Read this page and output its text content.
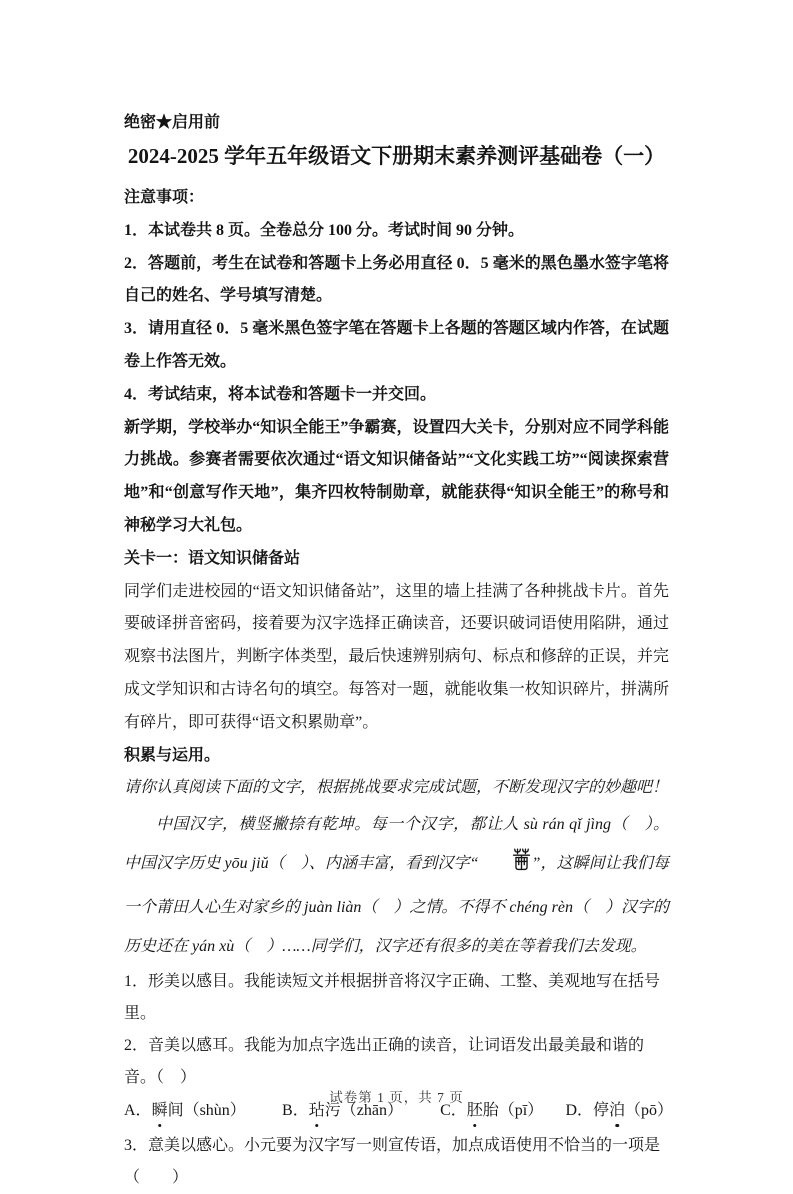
绝密★启用前
2024-2025 学年五年级语文下册期末素养测评基础卷（一）
注意事项：

1．本试卷共 8 页。全卷总分 100 分。考试时间 90 分钟。

2．答题前，考生在试卷和答题卡上务必用直径 0．5 毫米的黑色墨水签字笔将自己的姓名、学号填写清楚。

3．请用直径 0．5 毫米黑色签字笔在答题卡上各题的答题区域内作答，在试题卷上作答无效。

4．考试结束，将本试卷和答题卡一并交回。

新学期，学校举办“知识全能王”争霸赛，设置四大关卡，分别对应不同学科能力挑战。参赛者需要依次通过“语文知识储备站”“文化实践工坊”“阅读探索营地”和“创意写作天地”，集齐四枚特制勋章，就能获得“知识全能王”的称号和神秘学习大礼包。

关卡一：语文知识储备站

同学们走进校园的“语文知识储备站”，这里的墙上挂满了各种挑战卡片。首先要破译拼音密码，接着要为汉字选择正确读音，还要识破词语使用陷阱，通过观察书法图片，判断字体类型，最后快速辨别病句、标点和修辞的正误，并完成文学知识和古诗名句的填空。每答对一题，就能收集一枚知识碎片，拼满所有碎片，即可获得“语文积累勋章”。

积累与运用。

请你认真阅读下面的文字，根据挑战要求完成试题，不断发现汉字的妙趣吧！

中国汉字，横竖撇捺有乾坤。每一个汉字，都让人 sù rán qǐ jìng（　）。中国汉字历史 yōu jiǔ（　）、内涵丰富，看到汉字“	”，这瞬间让我们每一个莆田人心生对家乡的 juàn liàn（　）之情。不得不 chéng rèn（　）汉字的历史还在 yán xù（　）……同学们，汉字还有很多的美在等着我们去发现。

1．形美以感目。我能读短文并根据拼音将汉字正确、工整、美观地写在括号里。

2．音美以感耳。我能为加点字选出正确的读音，让词语发出最美最和谐的音。（　）

A．瞬间（shùn）	B．玷污（zhān）	C．胚胎（pī）	D．停泊（pō）

3．意美以感心。小元要为汉字写一则宣传语，加点成语使用不恰当的一项是（　　）

试卷第 1 页，共 7 页
